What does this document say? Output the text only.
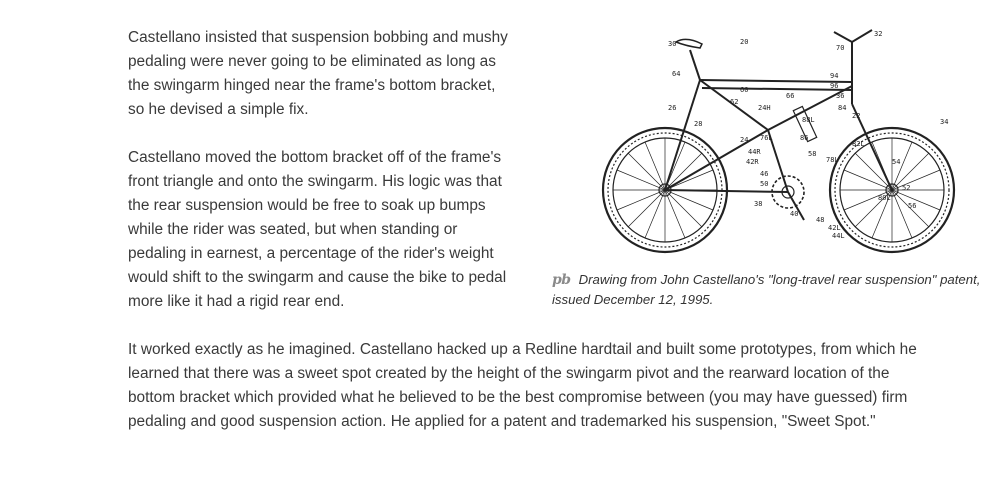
Castellano insisted that suspension bobbing and mushy pedaling were never going to be eliminated as long as the swingarm hinged near the frame's bottom bracket, so he devised a simple fix.

Castellano moved the bottom bracket off of the frame's front triangle and onto the swingarm. His logic was that the rear suspension would be free to soak up bumps while the rider was seated, but when standing or pedaling in earnest, a percentage of the rider's weight would shift to the swingarm and cause the bike to pedal more like it had a rigid rear end.

30	20
70
32
64	94
96
36
60
66
26
62
24H	84
28	88L	22
34
24 76L	86
44R
42R
58
78L
82L
54
46
50	52
38
40
48
42L
44L
80L
56
pb Drawing from John Castellano's "long-travel rear suspension" patent, issued December 12, 1995.

It worked exactly as he imagined. Castellano hacked up a Redline hardtail and built some prototypes, from which he learned that there was a sweet spot created by the height of the swingarm pivot and the rearward location of the bottom bracket which provided what he believed to be the best compromise between (you may have guessed) firm pedaling and good suspension action. He applied for a patent and trademarked his suspension, "Sweet Spot."
